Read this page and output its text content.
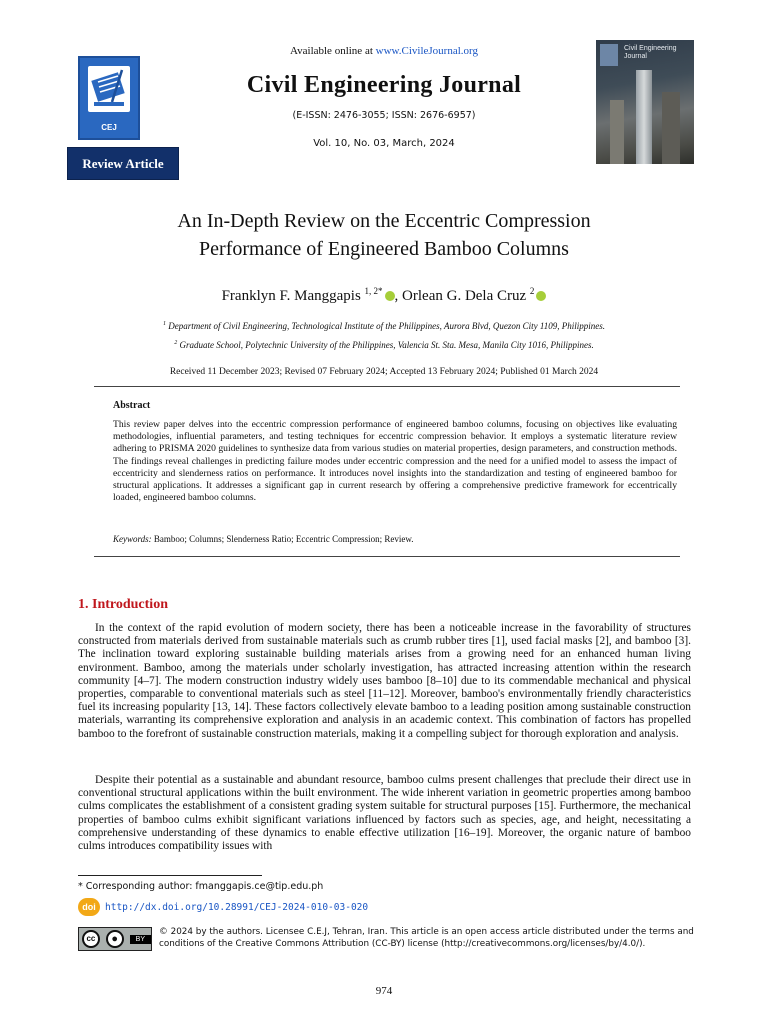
CEJ
Review Article
Available online at www.CivileJournal.org
Civil Engineering Journal
(E-ISSN: 2476-3055; ISSN: 2676-6957)
Vol. 10, No. 03, March, 2024
Civil Engineering
Journal
An In-Depth Review on the Eccentric Compression
Performance of Engineered Bamboo Columns
Franklyn F. Manggapis $^{1, 2*}$ , Orlean G. Dela Cruz $^2$
$^1$ Department of Civil Engineering, Technological Institute of the Philippines, Aurora Blvd, Quezon City 1109, Philippines.
$^2$ Graduate School, Polytechnic University of the Philippines, Valencia St. Sta. Mesa, Manila City 1016, Philippines.
Received 11 December 2023; Revised 07 February 2024; Accepted 13 February 2024; Published 01 March 2024
Abstract
This review paper delves into the eccentric compression performance of engineered bamboo columns, focusing on objectives like evaluating methodologies, influential parameters, and testing techniques for eccentric compression behavior. It employs a systematic literature review adhering to PRISMA 2020 guidelines to synthesize data from various studies on material properties, design parameters, and construction methods. The findings reveal challenges in predicting failure modes under eccentric compression and the need for a unified model to assess the impact of eccentricity and slenderness ratios on performance. It introduces novel insights into the standardization and testing of engineered bamboo for structural applications. It addresses a significant gap in current research by offering a comprehensive predictive framework for eccentrically loaded, engineered bamboo columns.
Keywords: Bamboo; Columns; Slenderness Ratio; Eccentric Compression; Review.
1. Introduction

In the context of the rapid evolution of modern society, there has been a noticeable increase in the favorability of structures constructed from materials derived from sustainable materials such as crumb rubber tires [1], used facial masks [2], and bamboo [3]. The inclination toward exploring sustainable building materials arises from a growing need for an enhanced human living environment. Bamboo, among the materials under scholarly investigation, has attracted increasing attention within the research community [4–7]. The modern construction industry widely uses bamboo [8–10] due to its commendable mechanical and physical properties, comparable to conventional materials such as steel [11–12]. Moreover, bamboo's environmentally friendly characteristics fuel its increasing popularity [13, 14]. These factors collectively elevate bamboo to a leading position among sustainable construction materials, warranting its comprehensive exploration and analysis in an academic context. This combination of factors has propelled bamboo to the forefront of sustainable construction materials, making it a compelling subject for thorough exploration and analysis.

Despite their potential as a sustainable and abundant resource, bamboo culms present challenges that preclude their direct use in conventional structural applications within the built environment. The wide inherent variation in geometric properties among bamboo culms complicates the establishment of a consistent grading system suitable for structural purposes [15]. Furthermore, the mechanical properties of bamboo culms exhibit significant variations influenced by factors such as species, age, and height, necessitating a comprehensive understanding of these dynamics to enable effective utilization [16–19]. Moreover, the organic nature of bamboo culms introduces compatibility issues with

* Corresponding author: fmanggapis.ce@tip.edu.ph
doi http://dx.doi.org/10.28991/CEJ-2024-010-03-020
cc	●	BY
© 2024 by the authors. Licensee C.E.J, Tehran, Iran. This article is an open access article distributed under the terms and conditions of the Creative Commons Attribution (CC-BY) license (http://creativecommons.org/licenses/by/4.0/).
974
